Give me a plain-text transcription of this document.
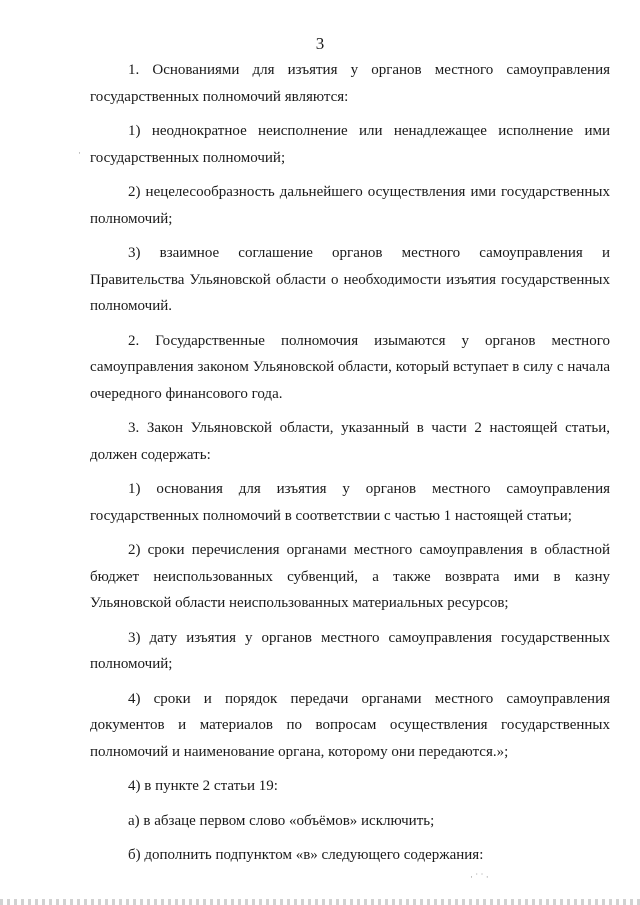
3

1. Основаниями для изъятия у органов местного самоуправления государственных полномочий являются:

1) неоднократное неисполнение или ненадлежащее исполнение ими государственных полномочий;

2) нецелесообразность дальнейшего осуществления ими государственных полномочий;

3) взаимное соглашение органов местного самоуправления и Правительства Ульяновской области о необходимости изъятия государственных полномочий.

2. Государственные полномочия изымаются у органов местного самоуправления законом Ульяновской области, который вступает в силу с начала очередного финансового года.

3. Закон Ульяновской области, указанный в части 2 настоящей статьи, должен содержать:

1) основания для изъятия у органов местного самоуправления государственных полномочий в соответствии с частью 1 настоящей статьи;

2) сроки перечисления органами местного самоуправления в областной бюджет неиспользованных субвенций, а также возврата ими в казну Ульяновской области неиспользованных материальных ресурсов;

3) дату изъятия у органов местного самоуправления государственных полномочий;

4) сроки и порядок передачи органами местного самоуправления документов и материалов по вопросам осуществления государственных полномочий и наименование органа, которому они передаются.»;

4) в пункте 2 статьи 19:

а) в абзаце первом слово «объёмов» исключить;

б) дополнить подпунктом «в» следующего содержания:

·
· ˙ ˙ ·
